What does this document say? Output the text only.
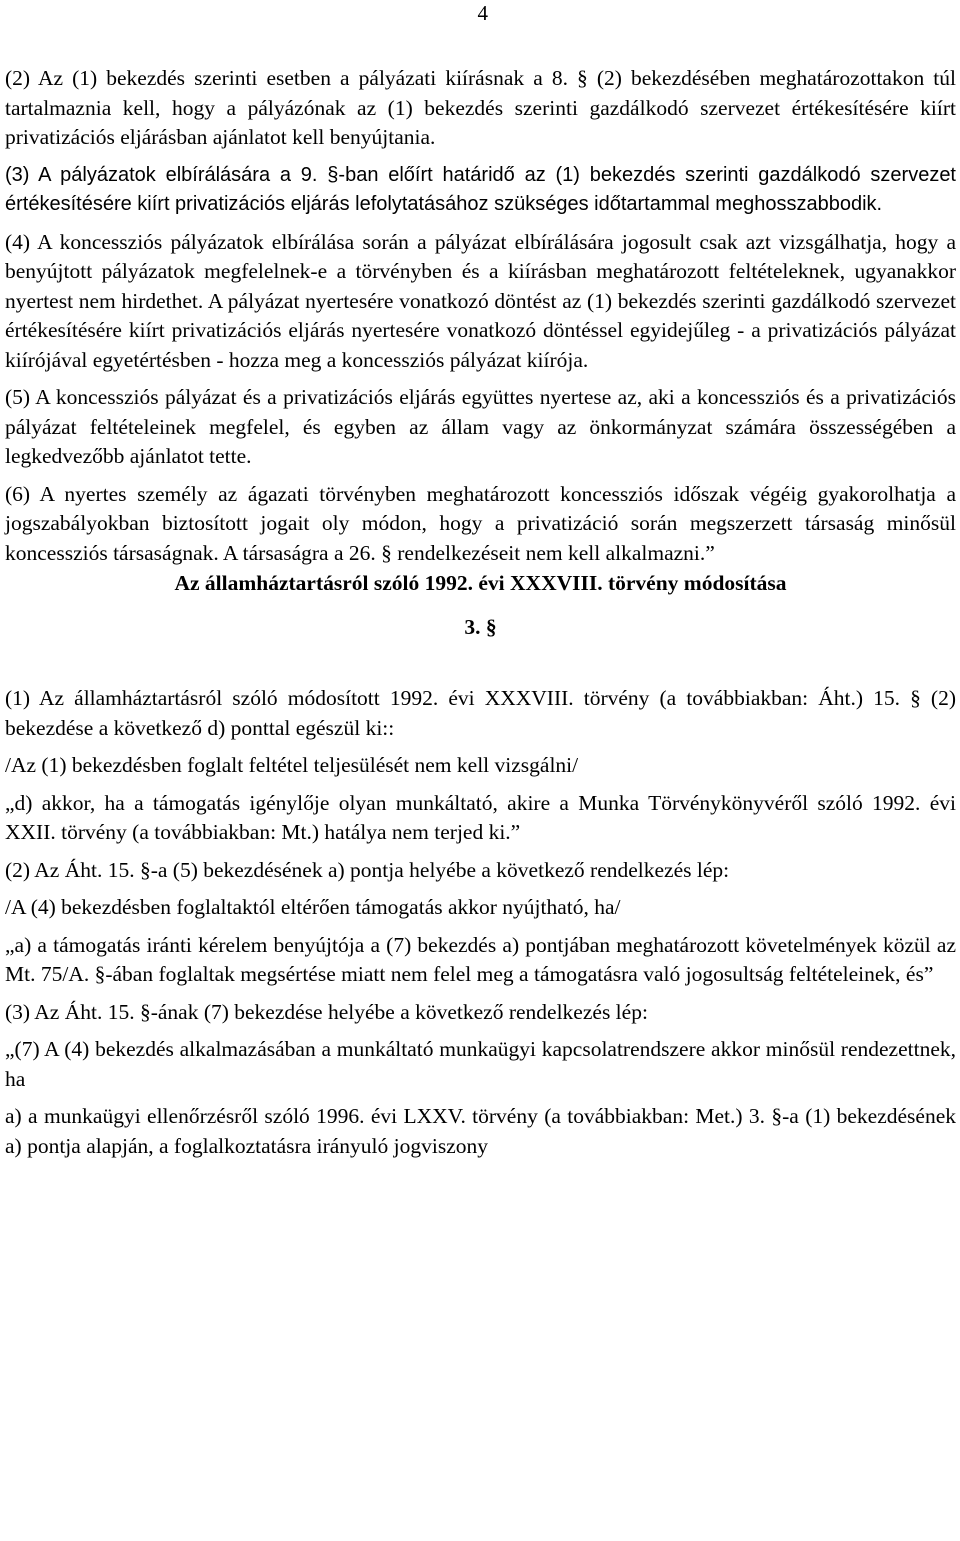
4

(2) Az (1) bekezdés szerinti esetben a pályázati kiírásnak a 8. § (2) bekezdésében meghatározottakon túl tartalmaznia kell, hogy a pályázónak az (1) bekezdés szerinti gazdálkodó szervezet értékesítésére kiírt privatizációs eljárásban ajánlatot kell benyújtania.

(3) A pályázatok elbírálására a 9. §-ban előírt határidő az (1) bekezdés szerinti gazdálkodó szervezet értékesítésére kiírt privatizációs eljárás lefolytatásához szükséges időtartammal meghosszabbodik.

(4) A koncessziós pályázatok elbírálása során a pályázat elbírálására jogosult csak azt vizsgálhatja, hogy a benyújtott pályázatok megfelelnek-e a törvényben és a kiírásban meghatározott feltételeknek, ugyanakkor nyertest nem hirdethet. A pályázat nyertesére vonatkozó döntést az (1) bekezdés szerinti gazdálkodó szervezet értékesítésére kiírt privatizációs eljárás nyertesére vonatkozó döntéssel egyidejűleg - a privatizációs pályázat kiírójával egyetértésben - hozza meg a koncessziós pályázat kiírója.

(5) A koncessziós pályázat és a privatizációs eljárás együttes nyertese az, aki a koncessziós és a privatizációs pályázat feltételeinek megfelel, és egyben az állam vagy az önkormányzat számára összességében a legkedvezőbb ajánlatot tette.

(6) A nyertes személy az ágazati törvényben meghatározott koncessziós időszak végéig gyakorolhatja a jogszabályokban biztosított jogait oly módon, hogy a privatizáció során megszerzett társaság minősül koncessziós társaságnak. A társaságra a 26. § rendelkezéseit nem kell alkalmazni.”

Az államháztartásról szóló 1992. évi XXXVIII. törvény módosítása

3. §

(1) Az államháztartásról szóló módosított 1992. évi XXXVIII. törvény (a továbbiakban: Áht.) 15. § (2) bekezdése a következő d) ponttal egészül ki::

/Az (1) bekezdésben foglalt feltétel teljesülését nem kell vizsgálni/

„d) akkor, ha a támogatás igénylője olyan munkáltató, akire a Munka Törvénykönyvéről szóló 1992. évi XXII. törvény (a továbbiakban: Mt.) hatálya nem terjed ki.”

(2) Az Áht. 15. §-a (5) bekezdésének a) pontja helyébe a következő rendelkezés lép:

/A (4) bekezdésben foglaltaktól eltérően támogatás akkor nyújtható, ha/

„a) a támogatás iránti kérelem benyújtója a (7) bekezdés a) pontjában meghatározott követelmények közül az Mt. 75/A. §-ában foglaltak megsértése miatt nem felel meg a támogatásra való jogosultság feltételeinek, és”

(3) Az Áht. 15. §-ának (7) bekezdése helyébe a következő rendelkezés lép:

„(7) A (4) bekezdés alkalmazásában a munkáltató munkaügyi kapcsolatrendszere akkor minősül rendezettnek, ha

a) a munkaügyi ellenőrzésről szóló 1996. évi LXXV. törvény (a továbbiakban: Met.) 3. §-a (1) bekezdésének a) pontja alapján, a foglalkoztatásra irányuló jogviszony
